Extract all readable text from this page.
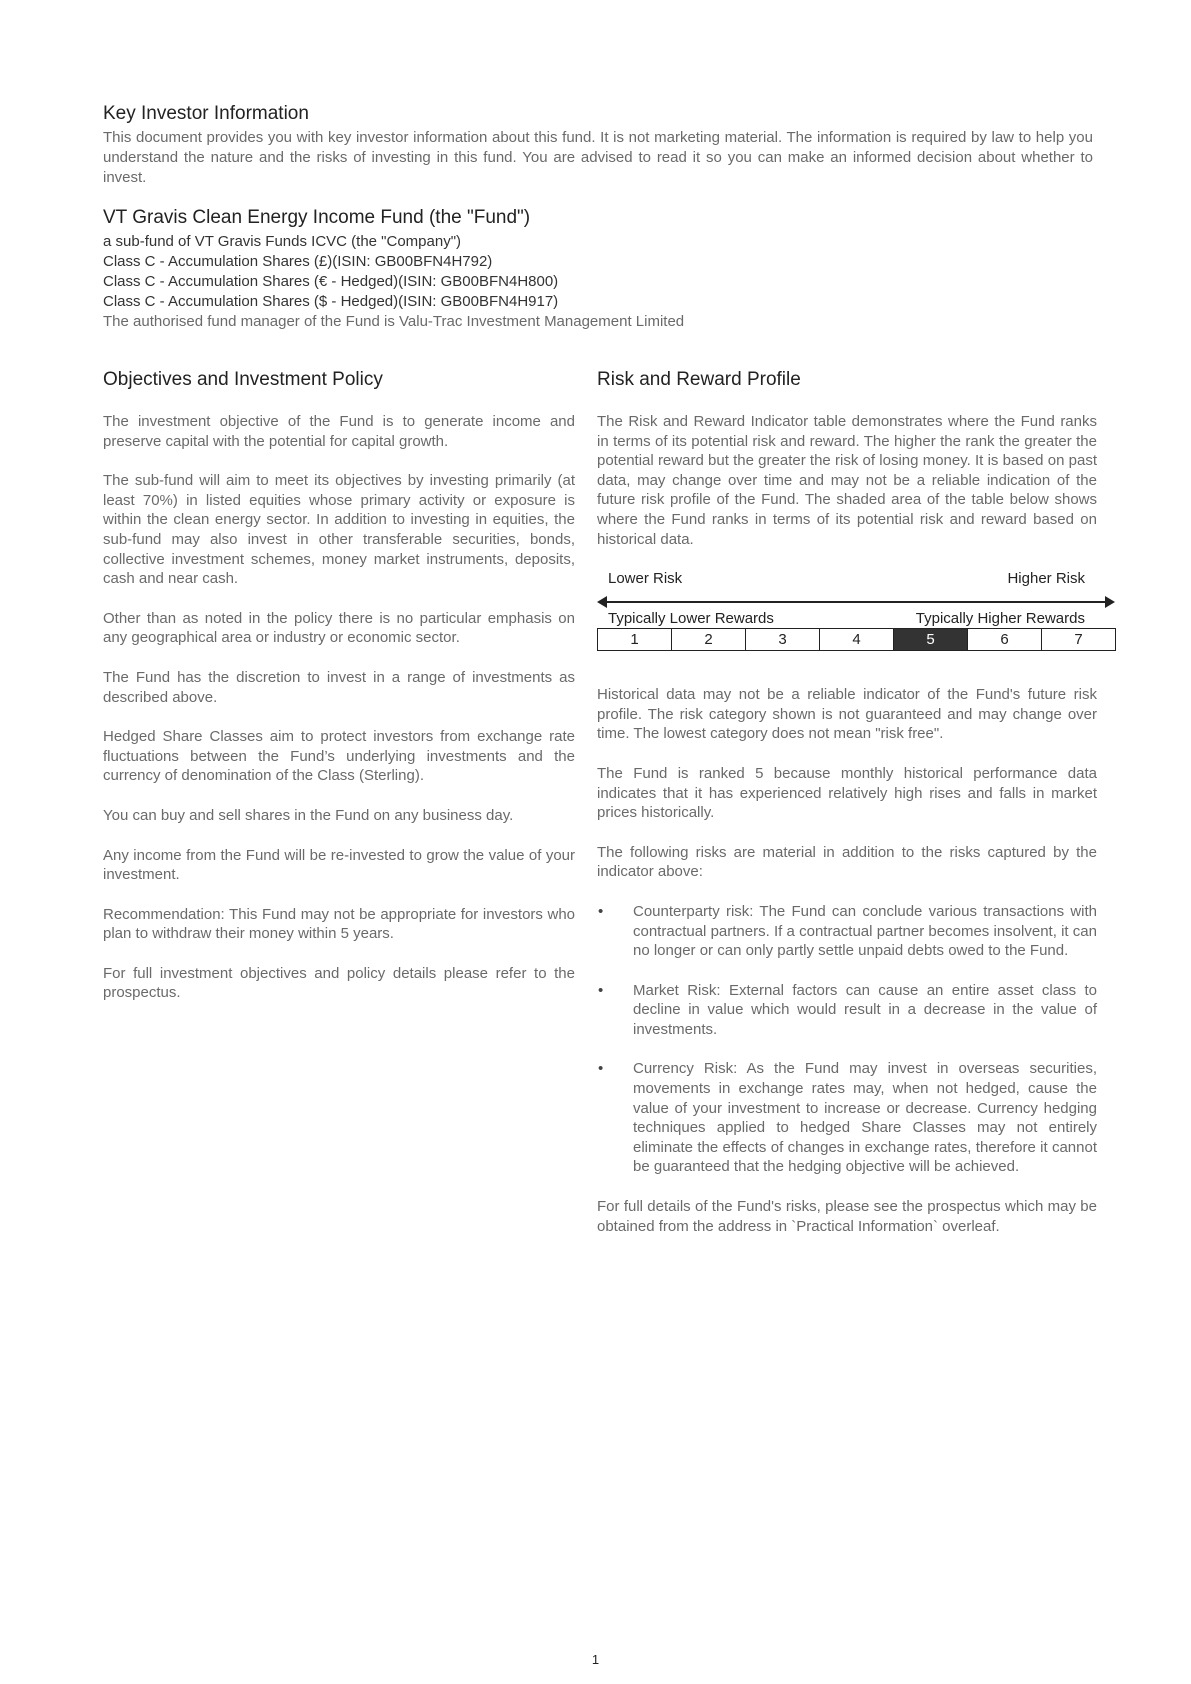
Key Investor Information
This document provides you with key investor information about this fund. It is not marketing material. The information is required by law to help you understand the nature and the risks of investing in this fund. You are advised to read it so you can make an informed decision about whether to invest.
VT Gravis Clean Energy Income Fund (the "Fund")
a sub-fund of VT Gravis Funds ICVC (the "Company")
Class C - Accumulation Shares (£)(ISIN: GB00BFN4H792)
Class C - Accumulation Shares (€ - Hedged)(ISIN: GB00BFN4H800)
Class C - Accumulation Shares ($ - Hedged)(ISIN: GB00BFN4H917)
The authorised fund manager of the Fund is Valu-Trac Investment Management Limited
Objectives and Investment Policy

The investment objective of the Fund is to generate income and preserve capital with the potential for capital growth.

The sub-fund will aim to meet its objectives by investing primarily (at least 70%) in listed equities whose primary activity or exposure is within the clean energy sector. In addition to investing in equities, the sub-fund may also invest in other transferable securities, bonds, collective investment schemes, money market instruments, deposits, cash and near cash.

Other than as noted in the policy there is no particular emphasis on any geographical area or industry or economic sector.

The Fund has the discretion to invest in a range of investments as described above.

Hedged Share Classes aim to protect investors from exchange rate fluctuations between the Fund’s underlying investments and the currency of denomination of the Class (Sterling).

You can buy and sell shares in the Fund on any business day.

Any income from the Fund will be re-invested to grow the value of your investment.

Recommendation: This Fund may not be appropriate for investors who plan to withdraw their money within 5 years.

For full investment objectives and policy details please refer to the prospectus.

Risk and Reward Profile

The Risk and Reward Indicator table demonstrates where the Fund ranks in terms of its potential risk and reward. The higher the rank the greater the potential reward but the greater the risk of losing money. It is based on past data, may change over time and may not be a reliable indication of the future risk profile of the Fund. The shaded area of the table below shows where the Fund ranks in terms of its potential risk and reward based on historical data.

Lower Risk	Higher Risk
Typically Lower Rewards	Typically Higher Rewards
1	2	3	4	5	6	7

Historical data may not be a reliable indicator of the Fund's future risk profile. The risk category shown is not guaranteed and may change over time. The lowest category does not mean "risk free".

The Fund is ranked 5 because monthly historical performance data indicates that it has experienced relatively high rises and falls in market prices historically.

The following risks are material in addition to the risks captured by the indicator above:

• Counterparty risk: The Fund can conclude various transactions with contractual partners. If a contractual partner becomes insolvent, it can no longer or can only partly settle unpaid debts owed to the Fund.
• Market Risk: External factors can cause an entire asset class to decline in value which would result in a decrease in the value of investments.
• Currency Risk: As the Fund may invest in overseas securities, movements in exchange rates may, when not hedged, cause the value of your investment to increase or decrease. Currency hedging techniques applied to hedged Share Classes may not entirely eliminate the effects of changes in exchange rates, therefore it cannot be guaranteed that the hedging objective will be achieved.

For full details of the Fund's risks, please see the prospectus which may be obtained from the address in `Practical Information` overleaf.

1
